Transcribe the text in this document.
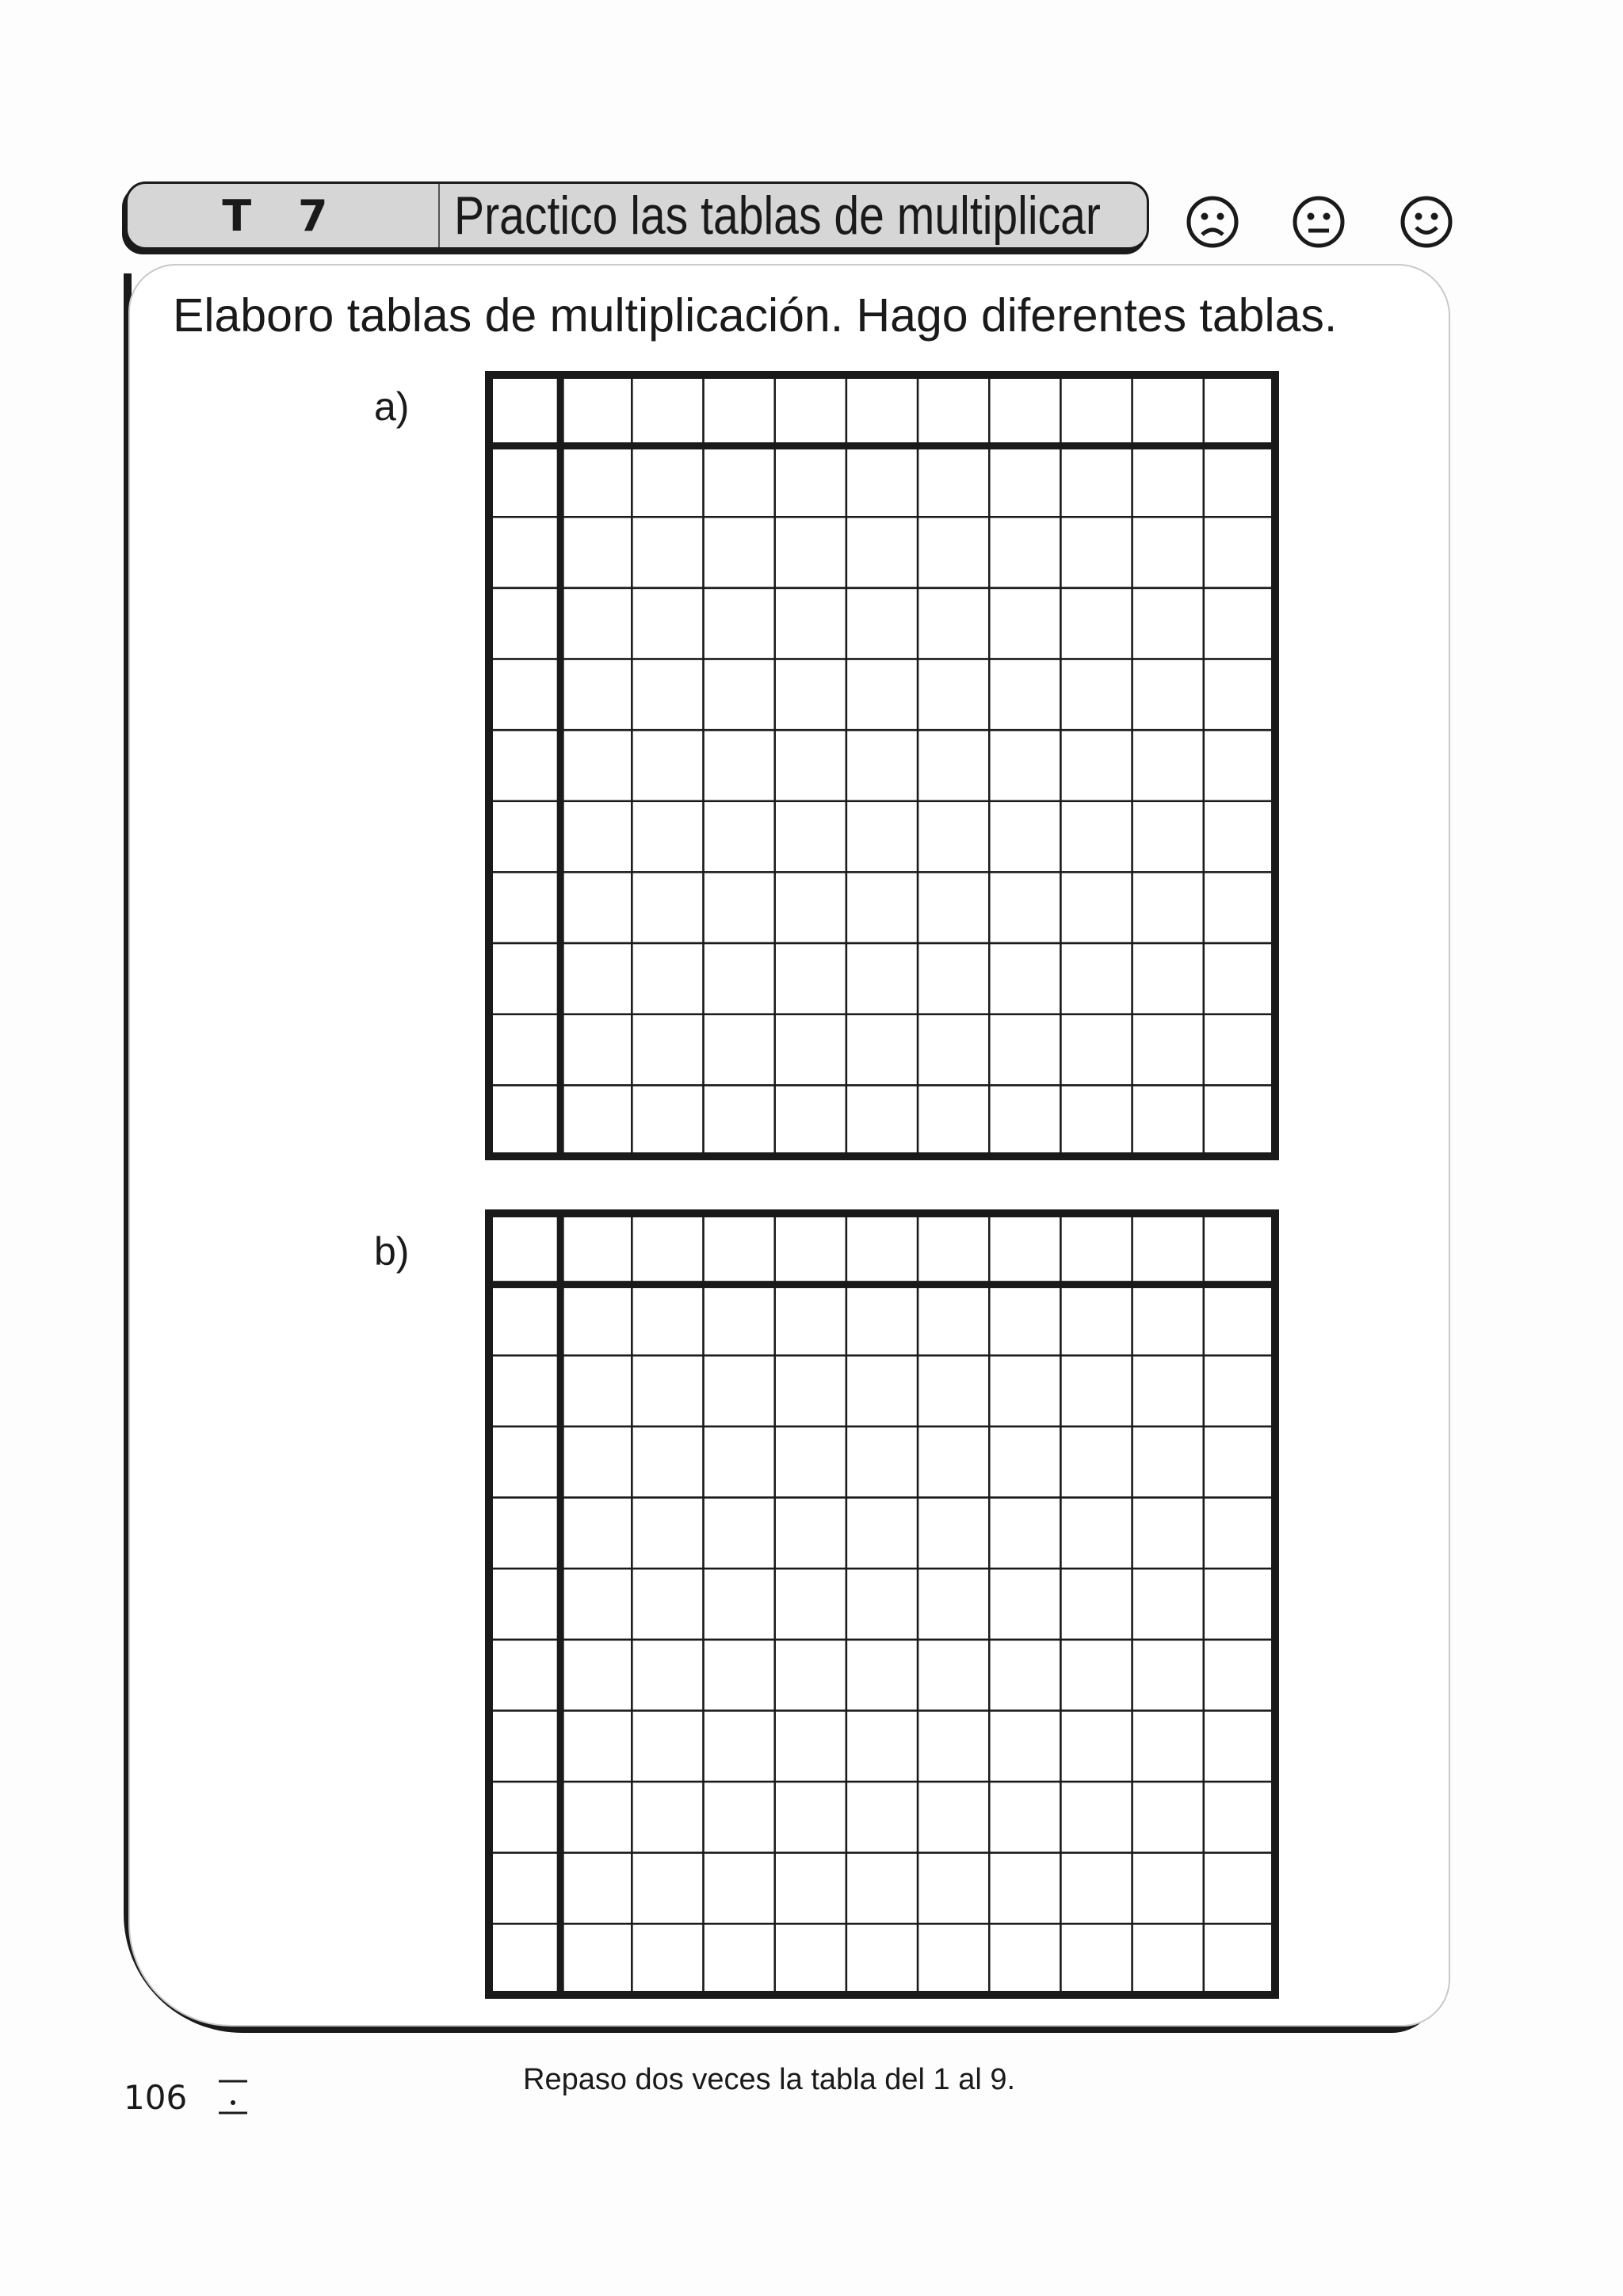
T 7	Practico las tablas de multiplicar
Elaboro tablas de multiplicación. Hago diferentes tablas.
a)
b)
106	Repaso dos veces la tabla del 1 al 9.
